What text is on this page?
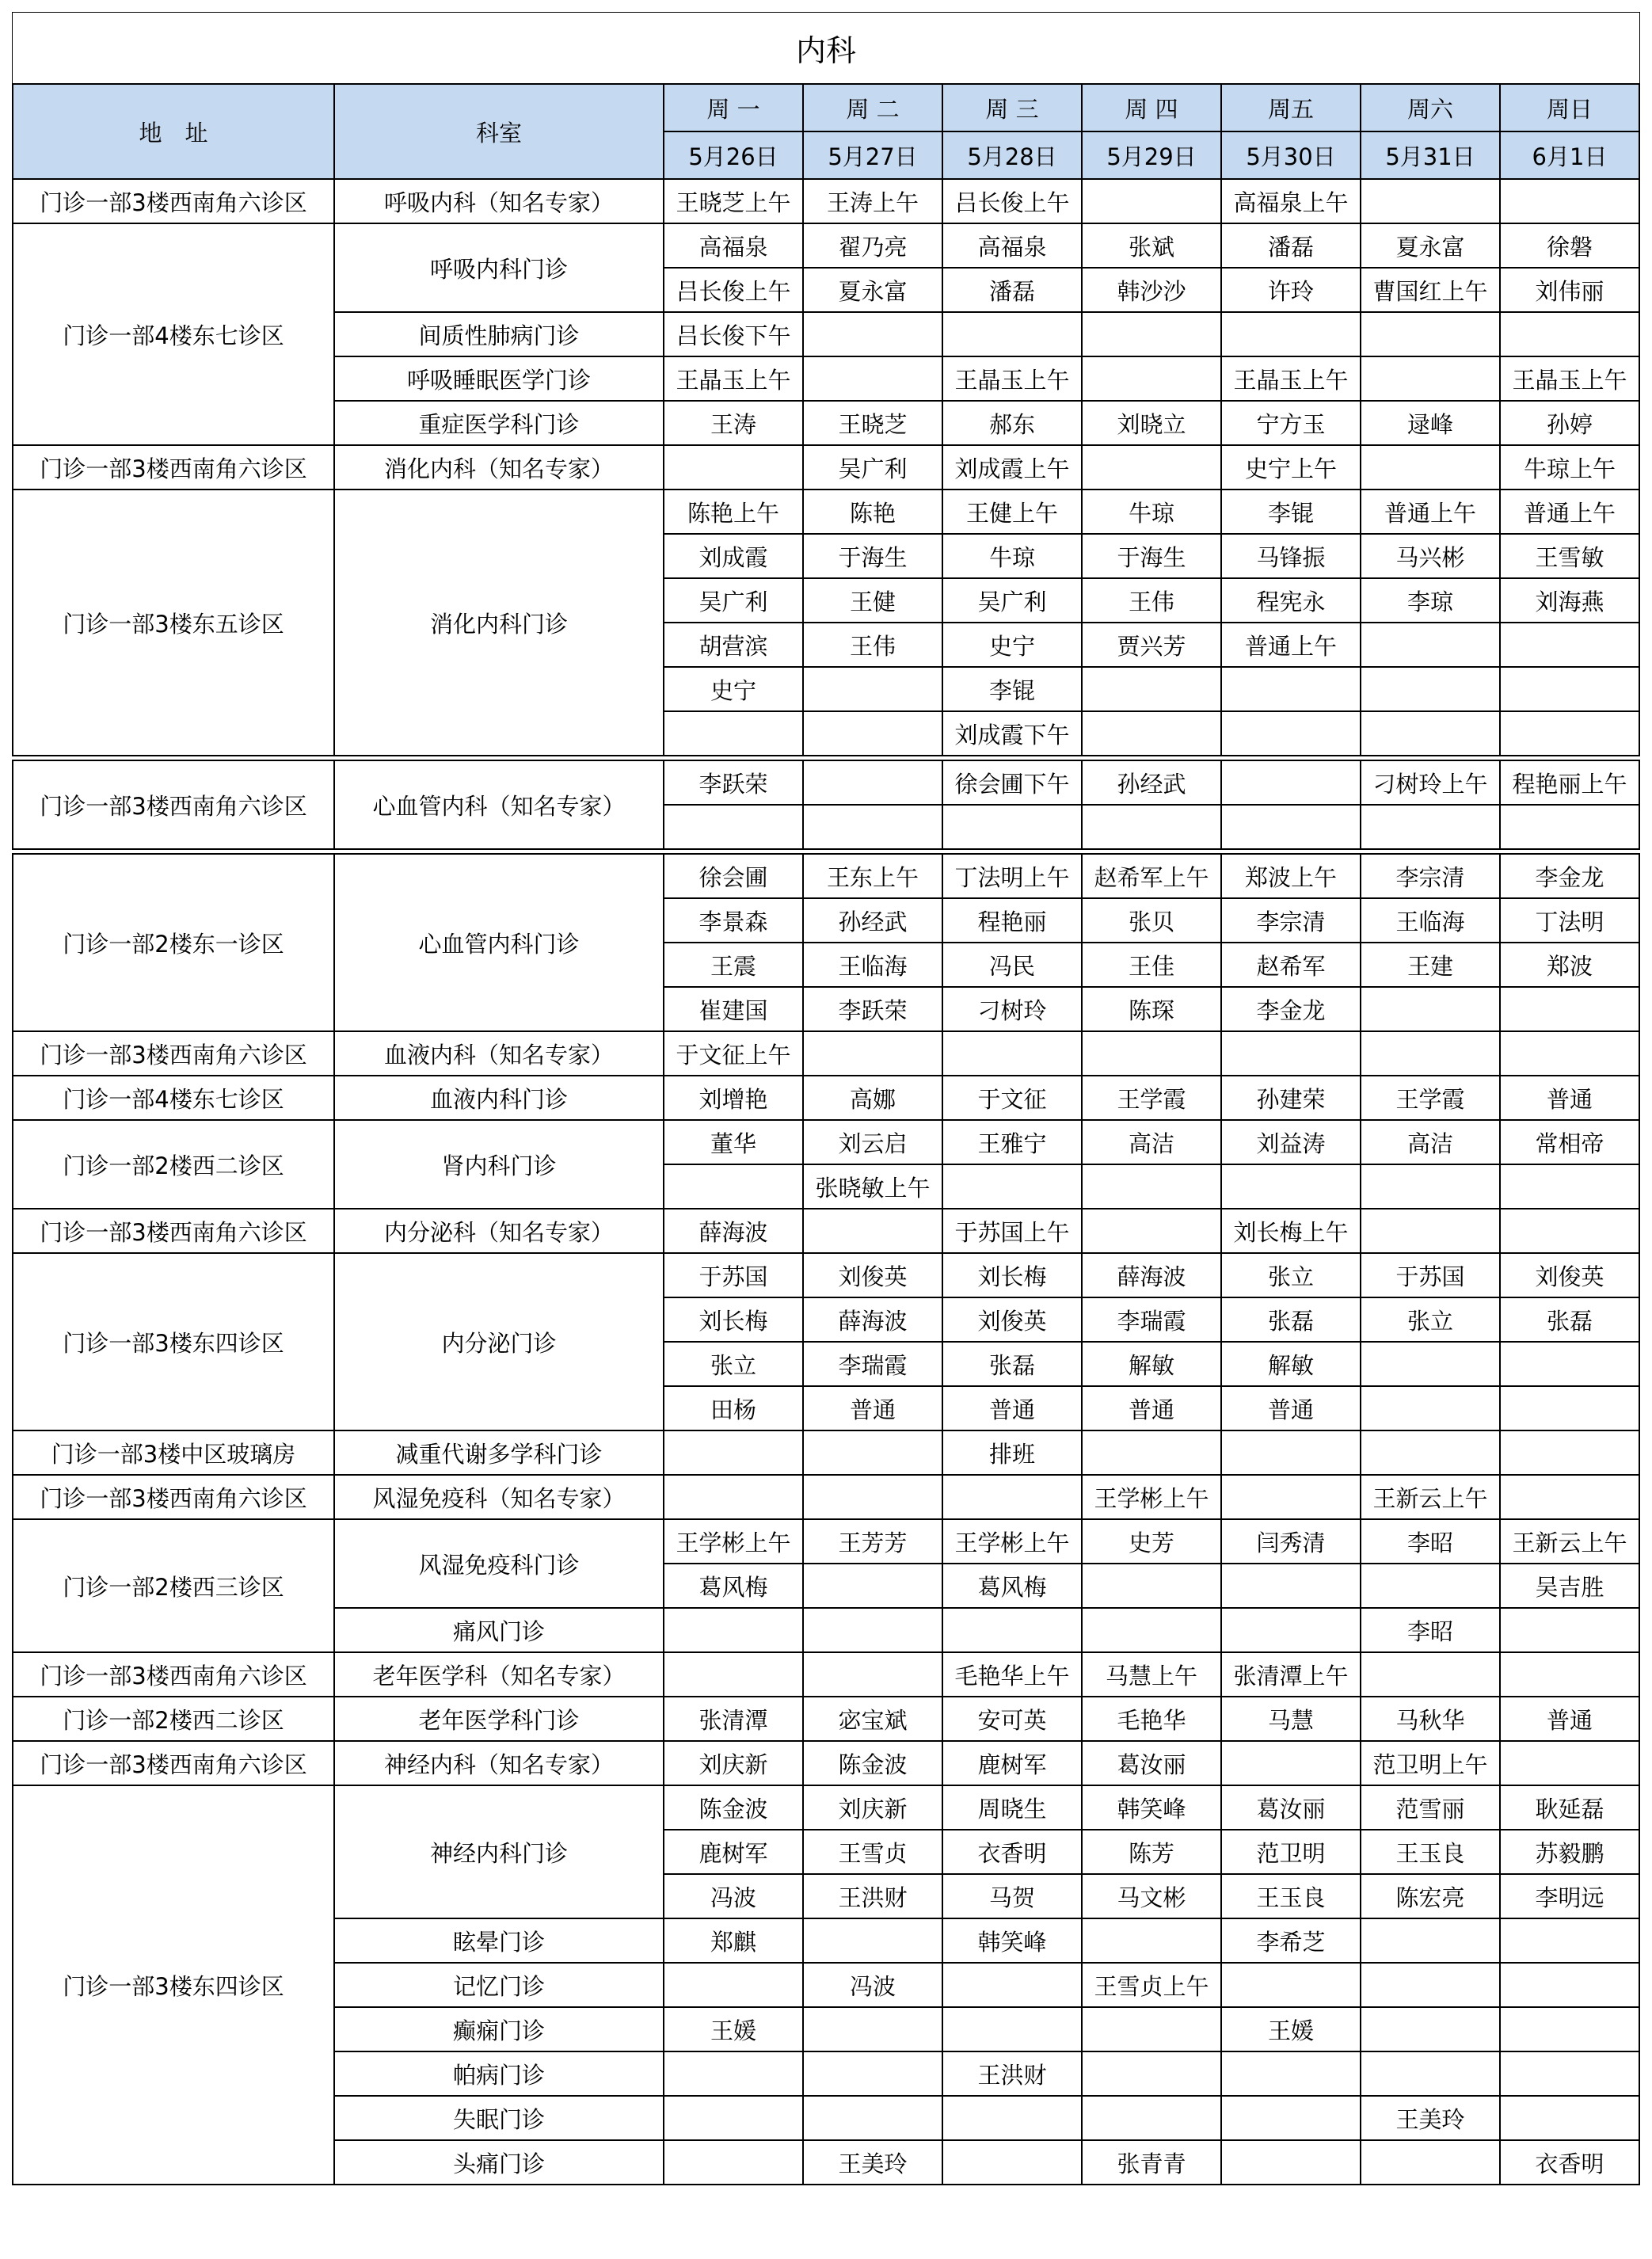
内科
地　址	科室	周 一	周 二	周 三	周 四	周五	周六	周日
		5月26日	5月27日	5月28日	5月29日	5月30日	5月31日	6月1日
门诊一部3楼西南角六诊区	呼吸内科（知名专家）	王晓芝上午	王涛上午	吕长俊上午		高福泉上午		
门诊一部4楼东七诊区	呼吸内科门诊	高福泉	翟乃亮	高福泉	张斌	潘磊	夏永富	徐磐
		吕长俊上午	夏永富	潘磊	韩沙沙	许玲	曹国红上午	刘伟丽
	间质性肺病门诊	吕长俊下午						
	呼吸睡眠医学门诊	王晶玉上午		王晶玉上午		王晶玉上午		王晶玉上午
	重症医学科门诊	王涛	王晓芝	郝东	刘晓立	宁方玉	逯峰	孙婷
门诊一部3楼西南角六诊区	消化内科（知名专家）		吴广利	刘成霞上午		史宁上午		牛琼上午
门诊一部3楼东五诊区	消化内科门诊	陈艳上午	陈艳	王健上午	牛琼	李锟	普通上午	普通上午
		刘成霞	于海生	牛琼	于海生	马锋振	马兴彬	王雪敏
		吴广利	王健	吴广利	王伟	程宪永	李琼	刘海燕
		胡营滨	王伟	史宁	贾兴芳	普通上午		
		史宁		李锟				
				刘成霞下午				

门诊一部3楼西南角六诊区	心血管内科（知名专家）	李跃荣		徐会圃下午	孙经武		刁树玲上午	程艳丽上午

门诊一部2楼东一诊区	心血管内科门诊	徐会圃	王东上午	丁法明上午	赵希军上午	郑波上午	李宗清	李金龙
		李景森	孙经武	程艳丽	张贝	李宗清	王临海	丁法明
		王震	王临海	冯民	王佳	赵希军	王建	郑波
		崔建国	李跃荣	刁树玲	陈琛	李金龙		
门诊一部3楼西南角六诊区	血液内科（知名专家）	于文征上午						
门诊一部4楼东七诊区	血液内科门诊	刘增艳	高娜	于文征	王学霞	孙建荣	王学霞	普通
门诊一部2楼西二诊区	肾内科门诊	董华	刘云启	王雅宁	高洁	刘益涛	高洁	常相帝
			张晓敏上午					
门诊一部3楼西南角六诊区	内分泌科（知名专家）	薛海波		于苏国上午		刘长梅上午		
门诊一部3楼东四诊区	内分泌门诊	于苏国	刘俊英	刘长梅	薛海波	张立	于苏国	刘俊英
		刘长梅	薛海波	刘俊英	李瑞霞	张磊	张立	张磊
		张立	李瑞霞	张磊	解敏	解敏		
		田杨	普通	普通	普通	普通		
门诊一部3楼中区玻璃房	减重代谢多学科门诊			排班				
门诊一部3楼西南角六诊区	风湿免疫科（知名专家）				王学彬上午		王新云上午	
门诊一部2楼西三诊区	风湿免疫科门诊	王学彬上午	王芳芳	王学彬上午	史芳	闫秀清	李昭	王新云上午
		葛风梅		葛风梅				吴吉胜
	痛风门诊						李昭	
门诊一部3楼西南角六诊区	老年医学科（知名专家）			毛艳华上午	马慧上午	张清潭上午		
门诊一部2楼西二诊区	老年医学科门诊	张清潭	宓宝斌	安可英	毛艳华	马慧	马秋华	普通
门诊一部3楼西南角六诊区	神经内科（知名专家）	刘庆新	陈金波	鹿树军	葛汝丽		范卫明上午	
门诊一部3楼东四诊区	神经内科门诊	陈金波	刘庆新	周晓生	韩笑峰	葛汝丽	范雪丽	耿延磊
		鹿树军	王雪贞	衣香明	陈芳	范卫明	王玉良	苏毅鹏
		冯波	王洪财	马贺	马文彬	王玉良	陈宏亮	李明远
	眩晕门诊	郑麒		韩笑峰		李希芝		
	记忆门诊		冯波		王雪贞上午			
	癫痫门诊	王媛				王媛		
	帕病门诊			王洪财				
	失眠门诊						王美玲	
	头痛门诊		王美玲		张青青			衣香明
